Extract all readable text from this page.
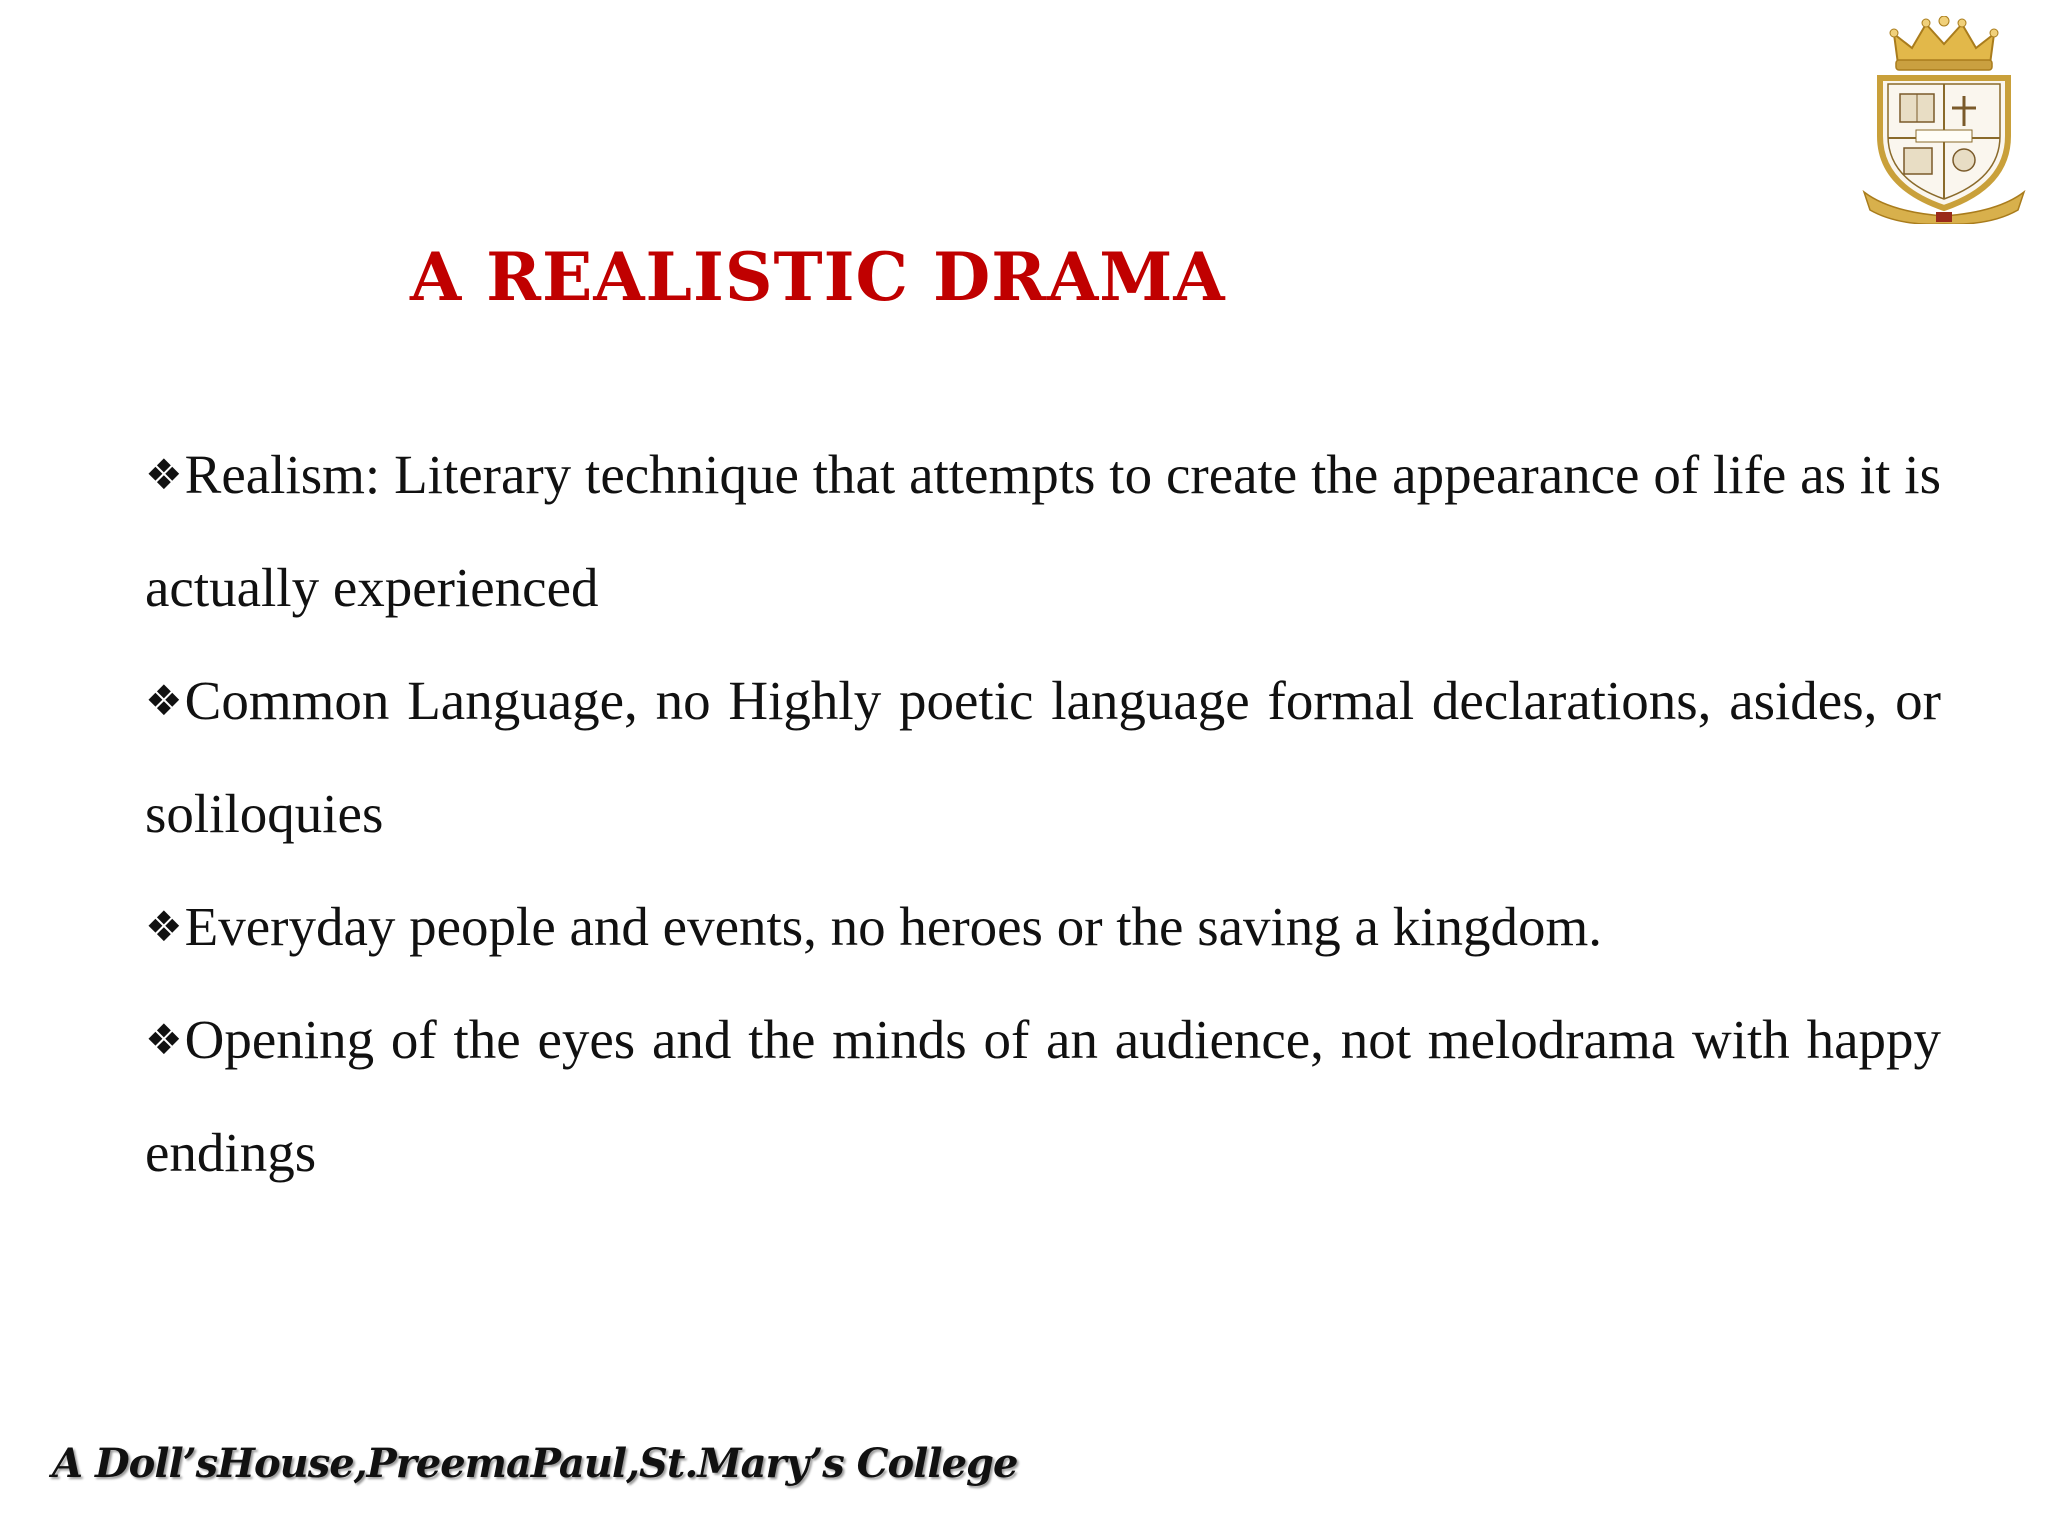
A REALISTIC DRAMA

❖Realism: Literary technique that attempts to create the appearance of life as it is actually experienced

❖Common Language, no Highly poetic language formal declarations, asides, or soliloquies

❖Everyday people and events, no heroes or the saving a kingdom.

❖Opening of the eyes and the minds of an audience, not melodrama with happy endings

A Doll’sHouse,PreemaPaul,St.Mary’s College
